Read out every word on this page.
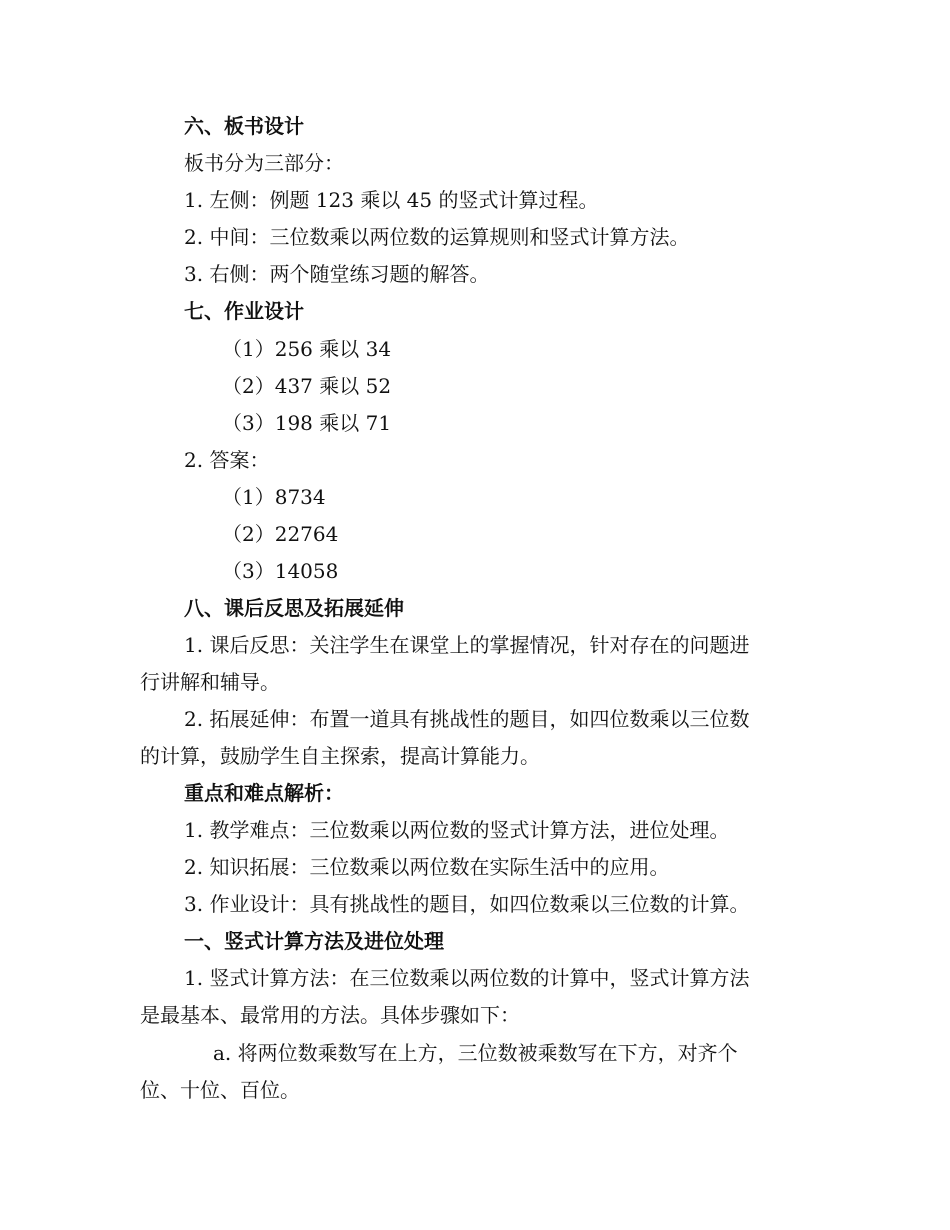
六、板书设计

板书分为三部分：

1. 左侧：例题 123 乘以 45 的竖式计算过程。

2. 中间：三位数乘以两位数的运算规则和竖式计算方法。

3. 右侧：两个随堂练习题的解答。

七、作业设计

（1）256 乘以 34

（2）437 乘以 52

（3）198 乘以 71

2. 答案：

（1）8734

（2）22764

（3）14058

八、课后反思及拓展延伸

1. 课后反思：关注学生在课堂上的掌握情况，针对存在的问题进

行讲解和辅导。

2. 拓展延伸：布置一道具有挑战性的题目，如四位数乘以三位数

的计算，鼓励学生自主探索，提高计算能力。

重点和难点解析：

1. 教学难点：三位数乘以两位数的竖式计算方法，进位处理。

2. 知识拓展：三位数乘以两位数在实际生活中的应用。

3. 作业设计：具有挑战性的题目，如四位数乘以三位数的计算。

一、竖式计算方法及进位处理

1. 竖式计算方法：在三位数乘以两位数的计算中，竖式计算方法

是最基本、最常用的方法。具体步骤如下：

a. 将两位数乘数写在上方，三位数被乘数写在下方，对齐个

位、十位、百位。
